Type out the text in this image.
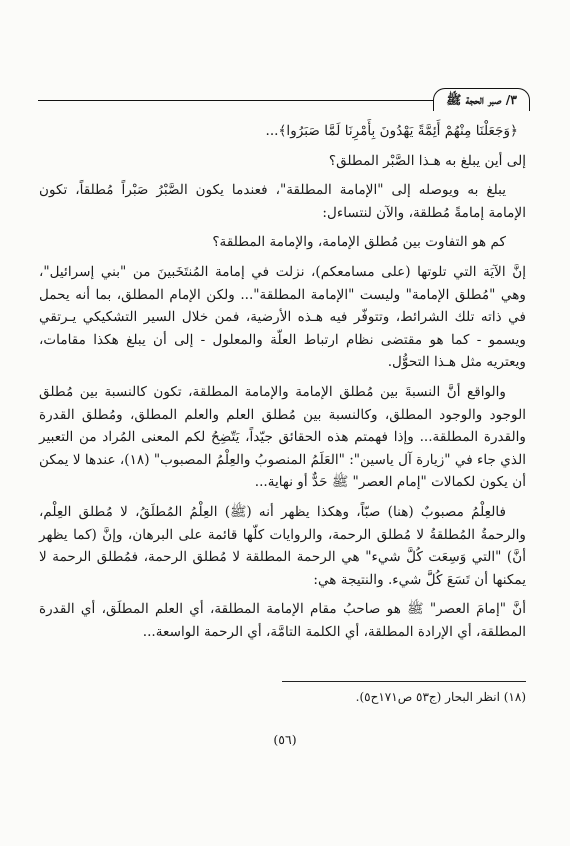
٣/ صبر الحجة ﷺ

﴿وَجَعَلْنَا مِنْهُمْ أَئِمَّةً يَهْدُونَ بِأَمْرِنَا لَمَّا صَبَرُوا﴾...

إلى أين يبلغ به هـذا الصَّبْر المطلق؟

يبلغ به ويوصله إلى "الإمامة المطلقة"، فعندما يكون الصَّبْرُ صَبْراً مُطلقاً، تكون الإمامة إمامةً مُطلقة، والآن لنتساءل:

كم هو التفاوت بين مُطلق الإمامة، والإمامة المطلقة؟

إنَّ الآيَة التي تلوتها (على مسامعكم)، نزلت في إمامة المُنتَخَبينَ من "بني إسرائيل"، وهي "مُطلق الإمامة" وليست "الإمامة المطلقة"... ولكن الإمام المطلق، بما أنه يحمل في ذاته تلك الشرائط، وتتوفّر فيه هـذه الأرضية، فمن خلال السير التشكيكي يـرتقي ويسمو - كما هو مقتضى نظام ارتباط العلّة والمعلول - إلى أن يبلغ هكذا مقامات، ويعتريه مثل هـذا التحوُّل.

والواقع أنَّ النسبةَ بين مُطلق الإمامة والإمامة المطلقة، تكون كالنسبة بين مُطلق الوجود والوجود المطلق، وكالنسبة بين مُطلق العلم والعلم المطلق، ومُطلق القدرة والقدرة المطلقة... وإذا فهمتم هذه الحقائق جيّداً، يَتّضِحُ لكم المعنى المُراد من التعبير الذي جاء في "زيارة آل ياسين": "العَلَمُ المنصوبُ والعِلْمُ المصبوب" (١٨)، عندها لا يمكن أن يكون لكمالات "إمام العصر" ﷺ حَدٌّ أو نهاية...

فالعِلْمُ مصبوبٌ (هنا) صبّاً، وهكذا يظهر أنه (ﷺ) العِلْمُ المُطلَقُ، لا مُطلق العِلْم، والرحمةُ المُطلقةُ لا مُطلق الرحمة، والروايات كلّها قائمة على البرهان، وإنَّ (كما يظهر أنَّ) "التي وَسِعَت كُلَّ شيء" هي الرحمة المطلقة لا مُطلق الرحمة، فمُطلق الرحمة لا يمكنها أن تَسَعَ كُلَّ شيء. والنتيجة هي:

أنَّ "إمامَ العصر" ﷺ هو صاحبُ مقام الإمامة المطلقة، أي العلم المطلَق، أي القدرة المطلقة، أي الإرادة المطلقة، أي الكلمة التامَّة، أي الرحمة الواسعة...

(١٨) انظر البحار (ج٥٣ ص١٧١ح٥).
(٥٦)
